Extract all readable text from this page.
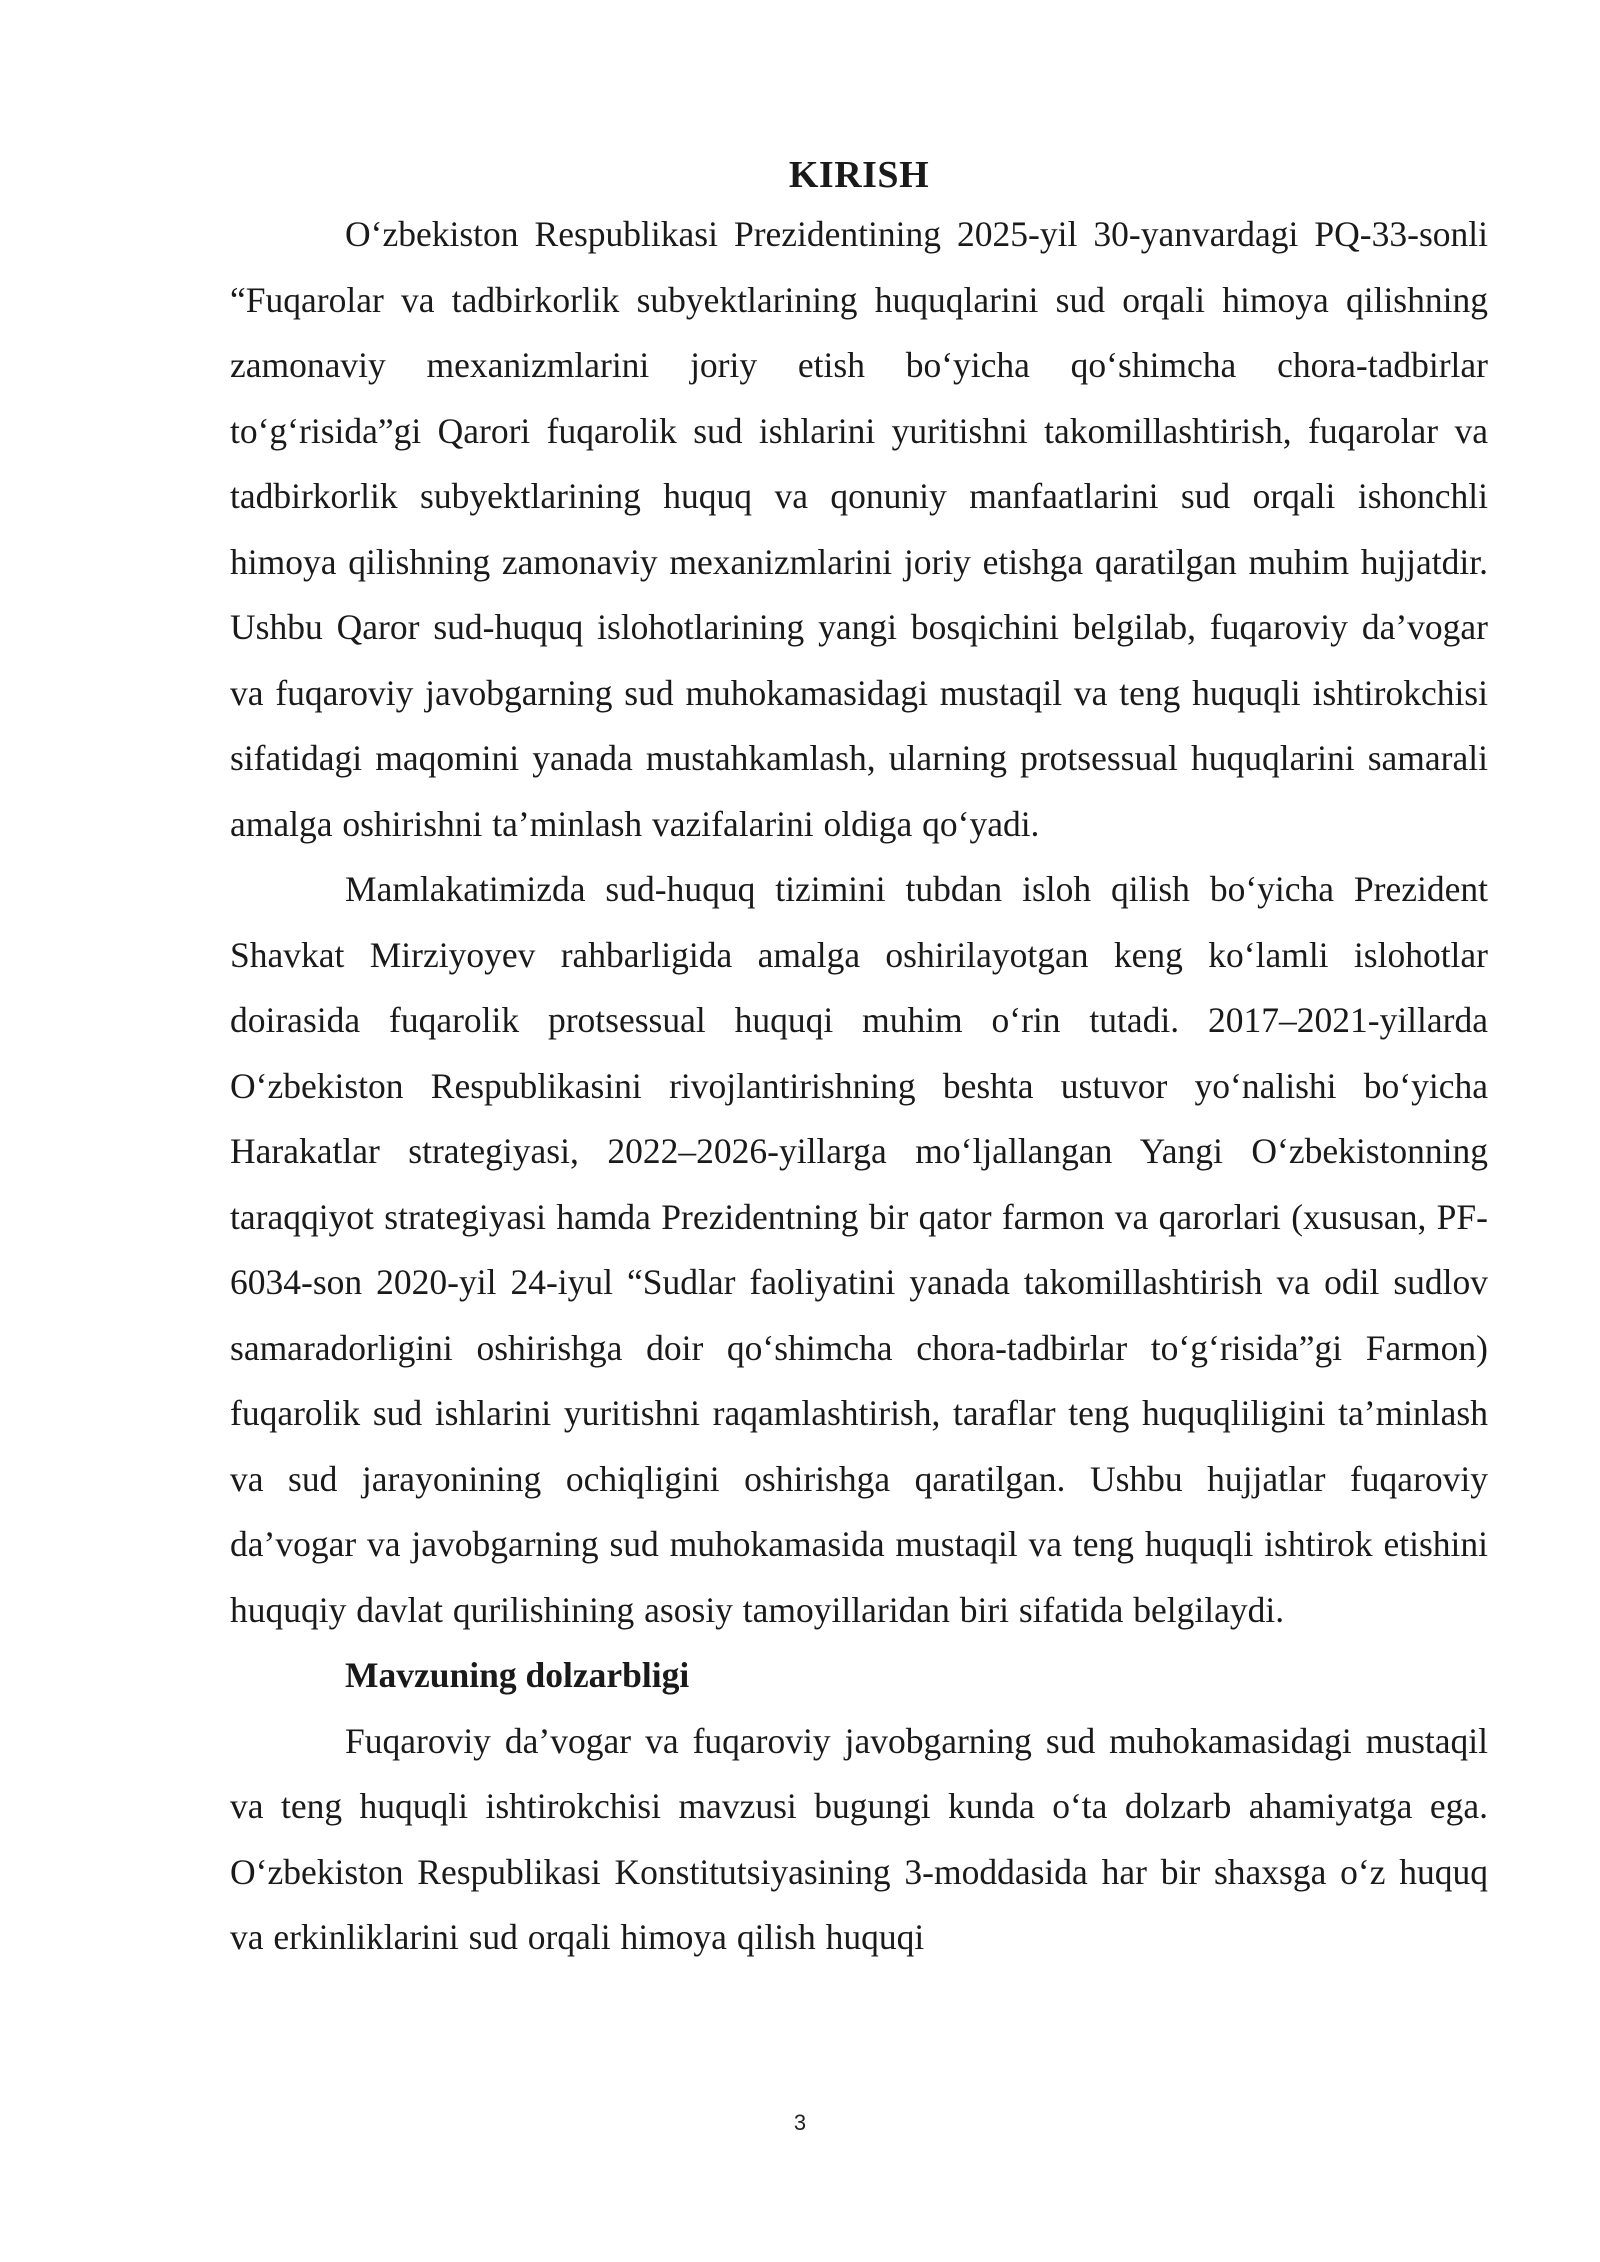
KIRISH

O‘zbekiston Respublikasi Prezidentining 2025-yil 30-yanvardagi PQ-33-sonli “Fuqarolar va tadbirkorlik subyektlarining huquqlarini sud orqali himoya qilishning zamonaviy mexanizmlarini joriy etish bo‘yicha qo‘shimcha chora-tadbirlar to‘g‘risida”gi Qarori fuqarolik sud ishlarini yuritishni takomillashtirish, fuqarolar va tadbirkorlik subyektlarining huquq va qonuniy manfaatlarini sud orqali ishonchli himoya qilishning zamonaviy mexanizmlarini joriy etishga qaratilgan muhim hujjatdir. Ushbu Qaror sud-huquq islohotlarining yangi bosqichini belgilab, fuqaroviy da’vogar va fuqaroviy javobgarning sud muhokamasidagi mustaqil va teng huquqli ishtirokchisi sifatidagi maqomini yanada mustahkamlash, ularning protsessual huquqlarini samarali amalga oshirishni ta’minlash vazifalarini oldiga qo‘yadi.

Mamlakatimizda sud-huquq tizimini tubdan isloh qilish bo‘yicha Prezident Shavkat Mirziyoyev rahbarligida amalga oshirilayotgan keng ko‘lamli islohotlar doirasida fuqarolik protsessual huquqi muhim o‘rin tutadi. 2017–2021-yillarda O‘zbekiston Respublikasini rivojlantirishning beshta ustuvor yo‘nalishi bo‘yicha Harakatlar strategiyasi, 2022–2026-yillarga mo‘ljallangan Yangi O‘zbekistonning taraqqiyot strategiyasi hamda Prezidentning bir qator farmon va qarorlari (xususan, PF-6034-son 2020-yil 24-iyul “Sudlar faoliyatini yanada takomillashtirish va odil sudlov samaradorligini oshirishga doir qo‘shimcha chora-tadbirlar to‘g‘risida”gi Farmon) fuqarolik sud ishlarini yuritishni raqamlashtirish, taraflar teng huquqliligini ta’minlash va sud jarayonining ochiqligini oshirishga qaratilgan. Ushbu hujjatlar fuqaroviy da’vogar va javobgarning sud muhokamasida mustaqil va teng huquqli ishtirok etishini huquqiy davlat qurilishining asosiy tamoyillaridan biri sifatida belgilaydi.

Mavzuning dolzarbligi

Fuqaroviy da’vogar va fuqaroviy javobgarning sud muhokamasidagi mustaqil va teng huquqli ishtirokchisi mavzusi bugungi kunda o‘ta dolzarb ahamiyatga ega. O‘zbekiston Respublikasi Konstitutsiyasining 3-moddasida har bir shaxsga o‘z huquq va erkinliklarini sud orqali himoya qilish huquqi

3
